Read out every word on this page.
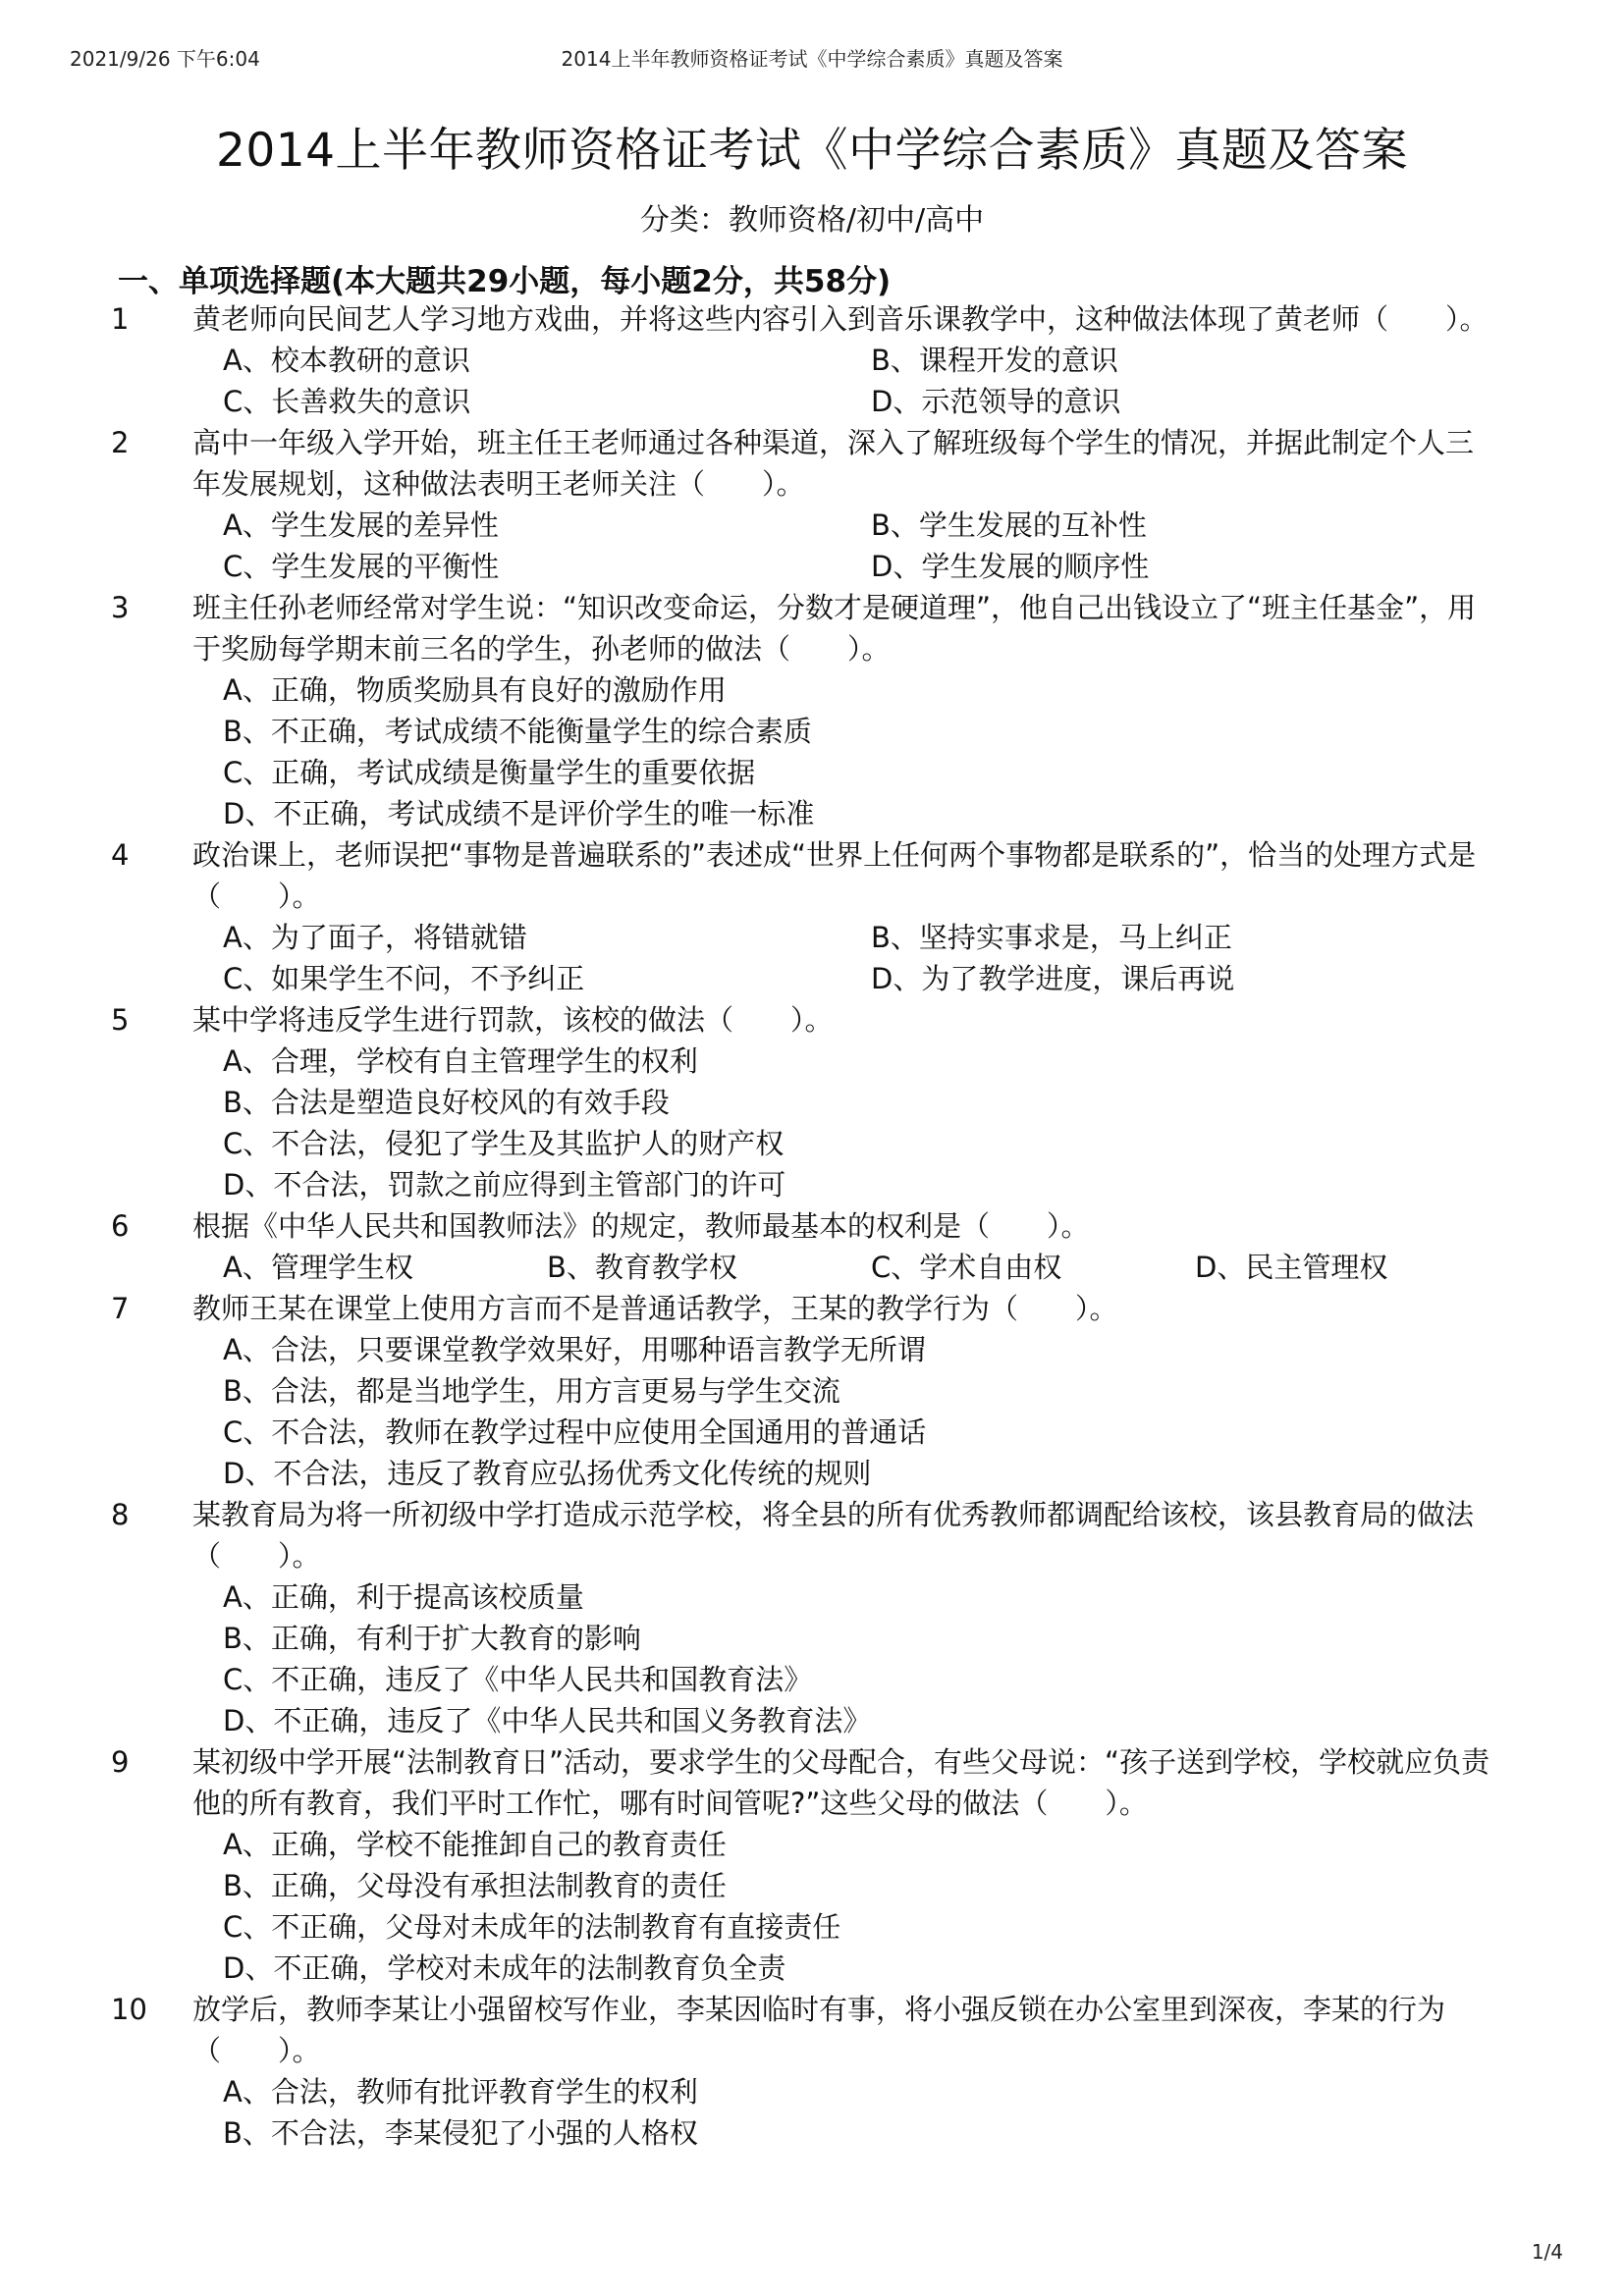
2021/9/26 下午6:04	2014上半年教师资格证考试《中学综合素质》真题及答案
2014上半年教师资格证考试《中学综合素质》真题及答案
分类：教师资格/初中/高中
一、单项选择题(本大题共29小题，每小题2分，共58分)
1	黄老师向民间艺人学习地方戏曲，并将这些内容引入到音乐课教学中，这种做法体现了黄老师（　　）。
A、校本教研的意识	B、课程开发的意识
C、长善救失的意识	D、示范领导的意识
2	高中一年级入学开始，班主任王老师通过各种渠道，深入了解班级每个学生的情况，并据此制定个人三年发展规划，这种做法表明王老师关注（　　）。
A、学生发展的差异性	B、学生发展的互补性
C、学生发展的平衡性	D、学生发展的顺序性
3	班主任孙老师经常对学生说：“知识改变命运，分数才是硬道理”，他自己出钱设立了“班主任基金”，用于奖励每学期末前三名的学生，孙老师的做法（　　）。
A、正确，物质奖励具有良好的激励作用
B、不正确，考试成绩不能衡量学生的综合素质
C、正确，考试成绩是衡量学生的重要依据
D、不正确，考试成绩不是评价学生的唯一标准
4	政治课上，老师误把“事物是普遍联系的”表述成“世界上任何两个事物都是联系的”，恰当的处理方式是（　　）。
A、为了面子，将错就错	B、坚持实事求是，马上纠正
C、如果学生不问，不予纠正	D、为了教学进度，课后再说
5	某中学将违反学生进行罚款，该校的做法（　　）。
A、合理，学校有自主管理学生的权利
B、合法是塑造良好校风的有效手段
C、不合法，侵犯了学生及其监护人的财产权
D、不合法，罚款之前应得到主管部门的许可
6	根据《中华人民共和国教师法》的规定，教师最基本的权利是（　　）。
A、管理学生权	B、教育教学权	C、学术自由权	D、民主管理权
7	教师王某在课堂上使用方言而不是普通话教学，王某的教学行为（　　）。
A、合法，只要课堂教学效果好，用哪种语言教学无所谓
B、合法，都是当地学生，用方言更易与学生交流
C、不合法，教师在教学过程中应使用全国通用的普通话
D、不合法，违反了教育应弘扬优秀文化传统的规则
8	某教育局为将一所初级中学打造成示范学校，将全县的所有优秀教师都调配给该校，该县教育局的做法（　　）。
A、正确，利于提高该校质量
B、正确，有利于扩大教育的影响
C、不正确，违反了《中华人民共和国教育法》
D、不正确，违反了《中华人民共和国义务教育法》
9	某初级中学开展“法制教育日”活动，要求学生的父母配合，有些父母说：“孩子送到学校，学校就应负责他的所有教育，我们平时工作忙，哪有时间管呢?”这些父母的做法（　　）。
A、正确，学校不能推卸自己的教育责任
B、正确，父母没有承担法制教育的责任
C、不正确，父母对未成年的法制教育有直接责任
D、不正确，学校对未成年的法制教育负全责
10	放学后，教师李某让小强留校写作业，李某因临时有事，将小强反锁在办公室里到深夜，李某的行为（　　）。
A、合法，教师有批评教育学生的权利
B、不合法，李某侵犯了小强的人格权
1/4
